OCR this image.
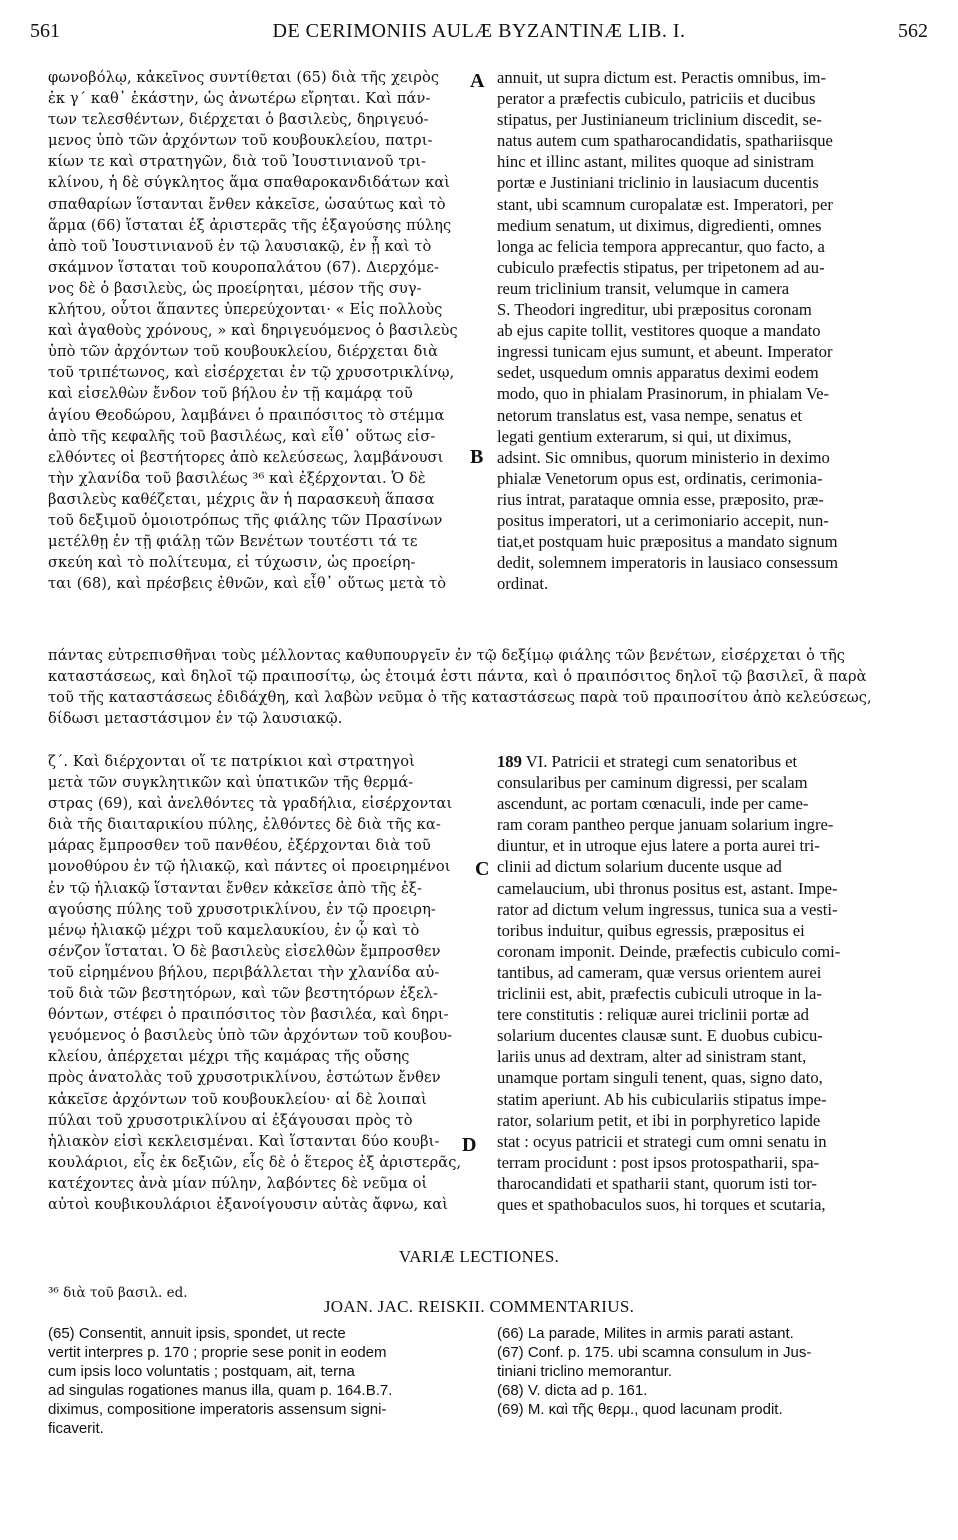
561	DE CERIMONIIS AULÆ BYZANTINÆ LIB. I.	562
φωνοβόλῳ, κἀκεῖνος συντίθεται (65) διὰ τῆς χειρὸς
ἐκ γ΄ καθ᾽ ἑκάστην, ὡς ἀνωτέρω εἴρηται. Καὶ πάν-
των τελεσθέντων, διέρχεται ὁ βασιλεὺς, δηριγευό-
μενος ὑπὸ τῶν ἀρχόντων τοῦ κουβουκλείου, πατρι-
κίων τε καὶ στρατηγῶν, διὰ τοῦ Ἰουστινιανοῦ τρι-
κλίνου, ἡ δὲ σύγκλητος ἅμα σπαθαροκανδιδάτων καὶ
σπαθαρίων ἵστανται ἔνθεν κἀκεῖσε, ὡσαύτως καὶ τὸ
ἅρμα (66) ἵσταται ἐξ ἀριστερᾶς τῆς ἐξαγούσης πύλης
ἀπὸ τοῦ Ἰουστινιανοῦ ἐν τῷ λαυσιακῷ, ἐν ᾗ καὶ τὸ
σκάμνον ἵσταται τοῦ κουροπαλάτου (67). Διερχόμε-
νος δὲ ὁ βασιλεὺς, ὡς προείρηται, μέσον τῆς συγ-
κλήτου, οὗτοι ἅπαντες ὑπερεύχονται· « Εἰς πολλοὺς
καὶ ἀγαθοὺς χρόνους, » καὶ δηριγευόμενος ὁ βασιλεὺς
ὑπὸ τῶν ἀρχόντων τοῦ κουβουκλείου, διέρχεται διὰ
τοῦ τριπέτωνος, καὶ εἰσέρχεται ἐν τῷ χρυσοτρικλίνῳ,
καὶ εἰσελθὼν ἔνδον τοῦ βήλου ἐν τῇ καμάρᾳ τοῦ
ἁγίου Θεοδώρου, λαμβάνει ὁ πραιπόσιτος τὸ στέμμα
ἀπὸ τῆς κεφαλῆς τοῦ βασιλέως, καὶ εἶθ᾽ οὕτως εἰσ-
ελθόντες οἱ βεστήτορες ἀπὸ κελεύσεως, λαμβάνουσι
τὴν χλανίδα τοῦ βασιλέως ³⁶ καὶ ἐξέρχονται. Ὁ δὲ
βασιλεὺς καθέζεται, μέχρις ἂν ἡ παρασκευὴ ἅπασα
τοῦ δεξιμοῦ ὁμοιοτρόπως τῆς φιάλης τῶν Πρασίνων
μετέλθῃ ἐν τῇ φιάλῃ τῶν Βενέτων τουτέστι τά τε
σκεύη καὶ τὸ πολίτευμα, εἰ τύχωσιν, ὡς προείρη-
ται (68), καὶ πρέσβεις ἐθνῶν, καὶ εἶθ᾽ οὕτως μετὰ τὸ
annuit, ut supra dictum est. Peractis omnibus, im-
perator a præfectis cubiculo, patriciis et ducibus
stipatus, per Justinianeum triclinium discedit, se-
natus autem cum spatharocandidatis, spathariisque
hinc et illinc astant, milites quoque ad sinistram
portæ e Justiniani triclinio in lausiacum ducentis
stant, ubi scamnum curopalatæ est. Imperatori, per
medium senatum, ut diximus, digredienti, omnes
longa ac felicia tempora apprecantur, quo facto, a
cubiculo præfectis stipatus, per tripetonem ad au-
reum triclinium transit, velumque in camera
S. Theodori ingreditur, ubi præpositus coronam
ab ejus capite tollit, vestitores quoque a mandato
ingressi tunicam ejus sumunt, et abeunt. Imperator
sedet, usquedum omnis apparatus deximi eodem
modo, quo in phialam Prasinorum, in phialam Ve-
netorum translatus est, vasa nempe, senatus et
legati gentium exterarum, si qui, ut diximus,
adsint. Sic omnibus, quorum ministerio in deximo
phialæ Venetorum opus est, ordinatis, cerimonia-
rius intrat, parataque omnia esse, præposito, præ-
positus imperatori, ut a cerimoniario accepit, nun-
tiat,et postquam huic præpositus a mandato signum
dedit, solemnem imperatoris in lausiaco consessum
ordinat.
A
B
C
D
πάντας εὐτρεπισθῆναι τοὺς μέλλοντας καθυπουργεῖν ἐν τῷ δεξίμῳ φιάλης τῶν βενέτων, εἰσέρχεται ὁ τῆς
καταστάσεως, καὶ δηλοῖ τῷ πραιποσίτῳ, ὡς ἑτοιμά ἐστι πάντα, καὶ ὁ πραιπόσιτος δηλοῖ τῷ βασιλεῖ, ἃ παρὰ
τοῦ τῆς καταστάσεως ἐδιδάχθη, καὶ λαβὼν νεῦμα ὁ τῆς καταστάσεως παρὰ τοῦ πραιποσίτου ἀπὸ κελεύσεως,
δίδωσι μεταστάσιμον ἐν τῷ λαυσιακῷ.
ζ΄. Καὶ διέρχονται οἵ τε πατρίκιοι καὶ στρατηγοὶ
μετὰ τῶν συγκλητικῶν καὶ ὑπατικῶν τῆς θερμά-
στρας (69), καὶ ἀνελθόντες τὰ γραδήλια, εἰσέρχονται
διὰ τῆς διαιταρικίου πύλης, ἐλθόντες δὲ διὰ τῆς κα-
μάρας ἔμπροσθεν τοῦ πανθέου, ἐξέρχονται διὰ τοῦ
μονοθύρου ἐν τῷ ἡλιακῷ, καὶ πάντες οἱ προειρημένοι
ἐν τῷ ἡλιακῷ ἵστανται ἔνθεν κἀκεῖσε ἀπὸ τῆς ἐξ-
αγούσης πύλης τοῦ χρυσοτρικλίνου, ἐν τῷ προειρη-
μένῳ ἡλιακῷ μέχρι τοῦ καμελαυκίου, ἐν ᾧ καὶ τὸ
σένζον ἵσταται. Ὁ δὲ βασιλεὺς εἰσελθὼν ἔμπροσθεν
τοῦ εἰρημένου βήλου, περιβάλλεται τὴν χλανίδα αὐ-
τοῦ διὰ τῶν βεστητόρων, καὶ τῶν βεστητόρων ἐξελ-
θόντων, στέφει ὁ πραιπόσιτος τὸν βασιλέα, καὶ δηρι-
γευόμενος ὁ βασιλεὺς ὑπὸ τῶν ἀρχόντων τοῦ κουβου-
κλείου, ἀπέρχεται μέχρι τῆς καμάρας τῆς οὔσης
πρὸς ἀνατολὰς τοῦ χρυσοτρικλίνου, ἑστώτων ἔνθεν
κἀκεῖσε ἀρχόντων τοῦ κουβουκλείου· αἱ δὲ λοιπαὶ
πύλαι τοῦ χρυσοτρικλίνου αἱ ἐξάγουσαι πρὸς τὸ
ἡλιακὸν εἰσὶ κεκλεισμέναι. Καὶ ἵστανται δύο κουβι-
κουλάριοι, εἷς ἐκ δεξιῶν, εἷς δὲ ὁ ἕτερος ἐξ ἀριστερᾶς,
κατέχοντες ἀνὰ μίαν πύλην, λαβόντες δὲ νεῦμα οἱ
αὐτοὶ κουβικουλάριοι ἐξανοίγουσιν αὐτὰς ἄφνω, καὶ
189 VI. Patricii et strategi cum senatoribus et
consularibus per caminum digressi, per scalam
ascendunt, ac portam cœnaculi, inde per came-
ram coram pantheo perque januam solarium ingre-
diuntur, et in utroque ejus latere a porta aurei tri-
clinii ad dictum solarium ducente usque ad
camelaucium, ubi thronus positus est, astant. Impe-
rator ad dictum velum ingressus, tunica sua a vesti-
toribus induitur, quibus egressis, præpositus ei
coronam imponit. Deinde, præfectis cubiculo comi-
tantibus, ad cameram, quæ versus orientem aurei
triclinii est, abit, præfectis cubiculi utroque in la-
tere constitutis : reliquæ aurei triclinii portæ ad
solarium ducentes clausæ sunt. E duobus cubicu-
lariis unus ad dextram, alter ad sinistram stant,
unamque portam singuli tenent, quas, signo dato,
statim aperiunt. Ab his cubiculariis stipatus impe-
rator, solarium petit, et ibi in porphyretico lapide
stat : ocyus patricii et strategi cum omni senatu in
terram procidunt : post ipsos protospatharii, spa-
tharocandidati et spatharii stant, quorum isti tor-
ques et spathobaculos suos, hi torques et scutaria,
VARIÆ LECTIONES.
³⁶ διὰ τοῦ βασιλ. ed.
JOAN. JAC. REISKII. COMMENTARIUS.
(65) Consentit, annuit ipsis, spondet, ut recte
vertit interpres p. 170 ; proprie sese ponit in eodem
cum ipsis loco voluntatis ; postquam, ait, terna
ad singulas rogationes manus illa, quam p. 164.B.7.
diximus, compositione imperatoris assensum signi-
ficaverit.
(66) La parade, Milites in armis parati astant.
(67) Conf. p. 175. ubi scamna consulum in Jus-
tiniani triclino memorantur.
(68) V. dicta ad p. 161.
(69) M. καὶ τῆς θερμ., quod lacunam prodit.
